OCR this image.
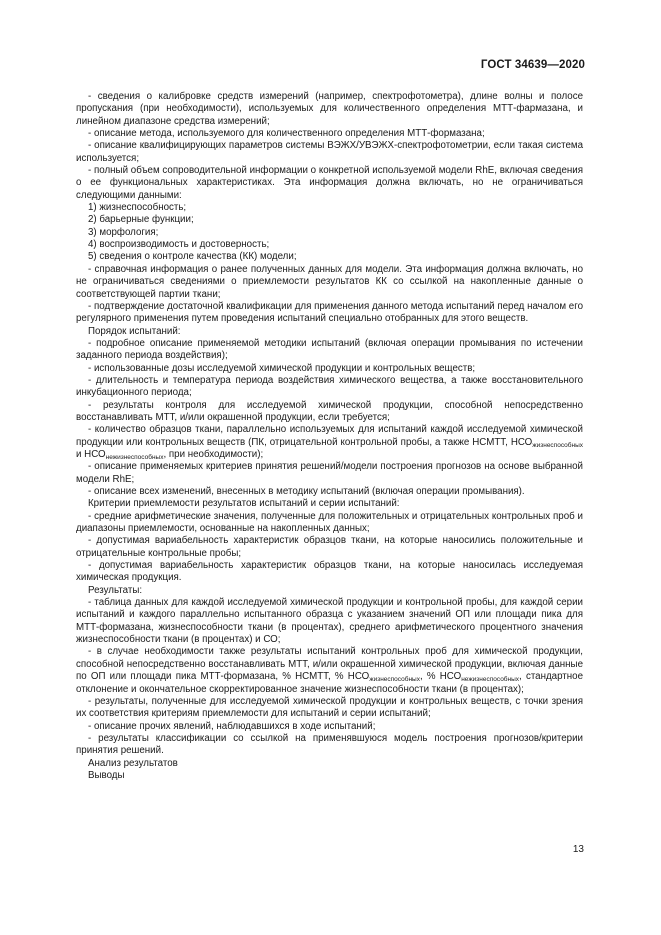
ГОСТ 34639—2020

- сведения о калибровке средств измерений (например, спектрофотометра), длине волны и полосе пропускания (при необходимости), используемых для количественного определения МТТ-фармазана, и линейном диапазоне средства измерений;

- описание метода, используемого для количественного определения МТТ-формазана;

- описание квалифицирующих параметров системы ВЭЖХ/УВЭЖХ-спектрофотометрии, если такая система используется;

- полный объем сопроводительной информации о конкретной используемой модели RhE, включая сведения о ее функциональных характеристиках. Эта информация должна включать, но не ограничиваться следующими данными:

1) жизнеспособность;

2) барьерные функции;

3) морфология;

4) воспроизводимость и достоверность;

5) сведения о контроле качества (КК) модели;

- справочная информация о ранее полученных данных для модели. Эта информация должна включать, но не ограничиваться сведениями о приемлемости результатов КК со ссылкой на накопленные данные о соответствующей партии ткани;

- подтверждение достаточной квалификации для применения данного метода испытаний перед началом его регулярного применения путем проведения испытаний специально отобранных для этого веществ.

Порядок испытаний:

- подробное описание применяемой методики испытаний (включая операции промывания по истечении заданного периода воздействия);

- использованные дозы исследуемой химической продукции и контрольных веществ;

- длительность и температура периода воздействия химического вещества, а также восстановительного инкубационного периода;

- результаты контроля для исследуемой химической продукции, способной непосредственно восстанавливать МТТ, и/или окрашенной продукции, если требуется;

- количество образцов ткани, параллельно используемых для испытаний каждой исследуемой химической продукции или контрольных веществ (ПК, отрицательной контрольной пробы, а также НСМТТ, $НСО_{жизнеспособных}$ и $НСО_{нежизнеспособных}$, при необходимости);

- описание применяемых критериев принятия решений/модели построения прогнозов на основе выбранной модели RhE;

- описание всех изменений, внесенных в методику испытаний (включая операции промывания).

Критерии приемлемости результатов испытаний и серии испытаний:

- средние арифметические значения, полученные для положительных и отрицательных контрольных проб и диапазоны приемлемости, основанные на накопленных данных;

- допустимая вариабельность характеристик образцов ткани, на которые наносились положительные и отрицательные контрольные пробы;

- допустимая вариабельность характеристик образцов ткани, на которые наносилась исследуемая химическая продукция.

Результаты:

- таблица данных для каждой исследуемой химической продукции и контрольной пробы, для каждой серии испытаний и каждого параллельно испытанного образца с указанием значений ОП или площади пика для МТТ-формазана, жизнеспособности ткани (в процентах), среднего арифметического процентного значения жизнеспособности ткани (в процентах) и СО;

- в случае необходимости также результаты испытаний контрольных проб для химической продукции, способной непосредственно восстанавливать МТТ, и/или окрашенной химической продукции, включая данные по ОП или площади пика МТТ-формазана, % НСМТТ, % $НСО_{жизнеспособных}$, % $НСО_{нежизнеспособных}$, стандартное отклонение и окончательное скорректированное значение жизнеспособности ткани (в процентах);

- результаты, полученные для исследуемой химической продукции и контрольных веществ, с точки зрения их соответствия критериям приемлемости для испытаний и серии испытаний;

- описание прочих явлений, наблюдавшихся в ходе испытаний;

- результаты классификации со ссылкой на применявшуюся модель построения прогнозов/критерии принятия решений.

Анализ результатов

Выводы

13
